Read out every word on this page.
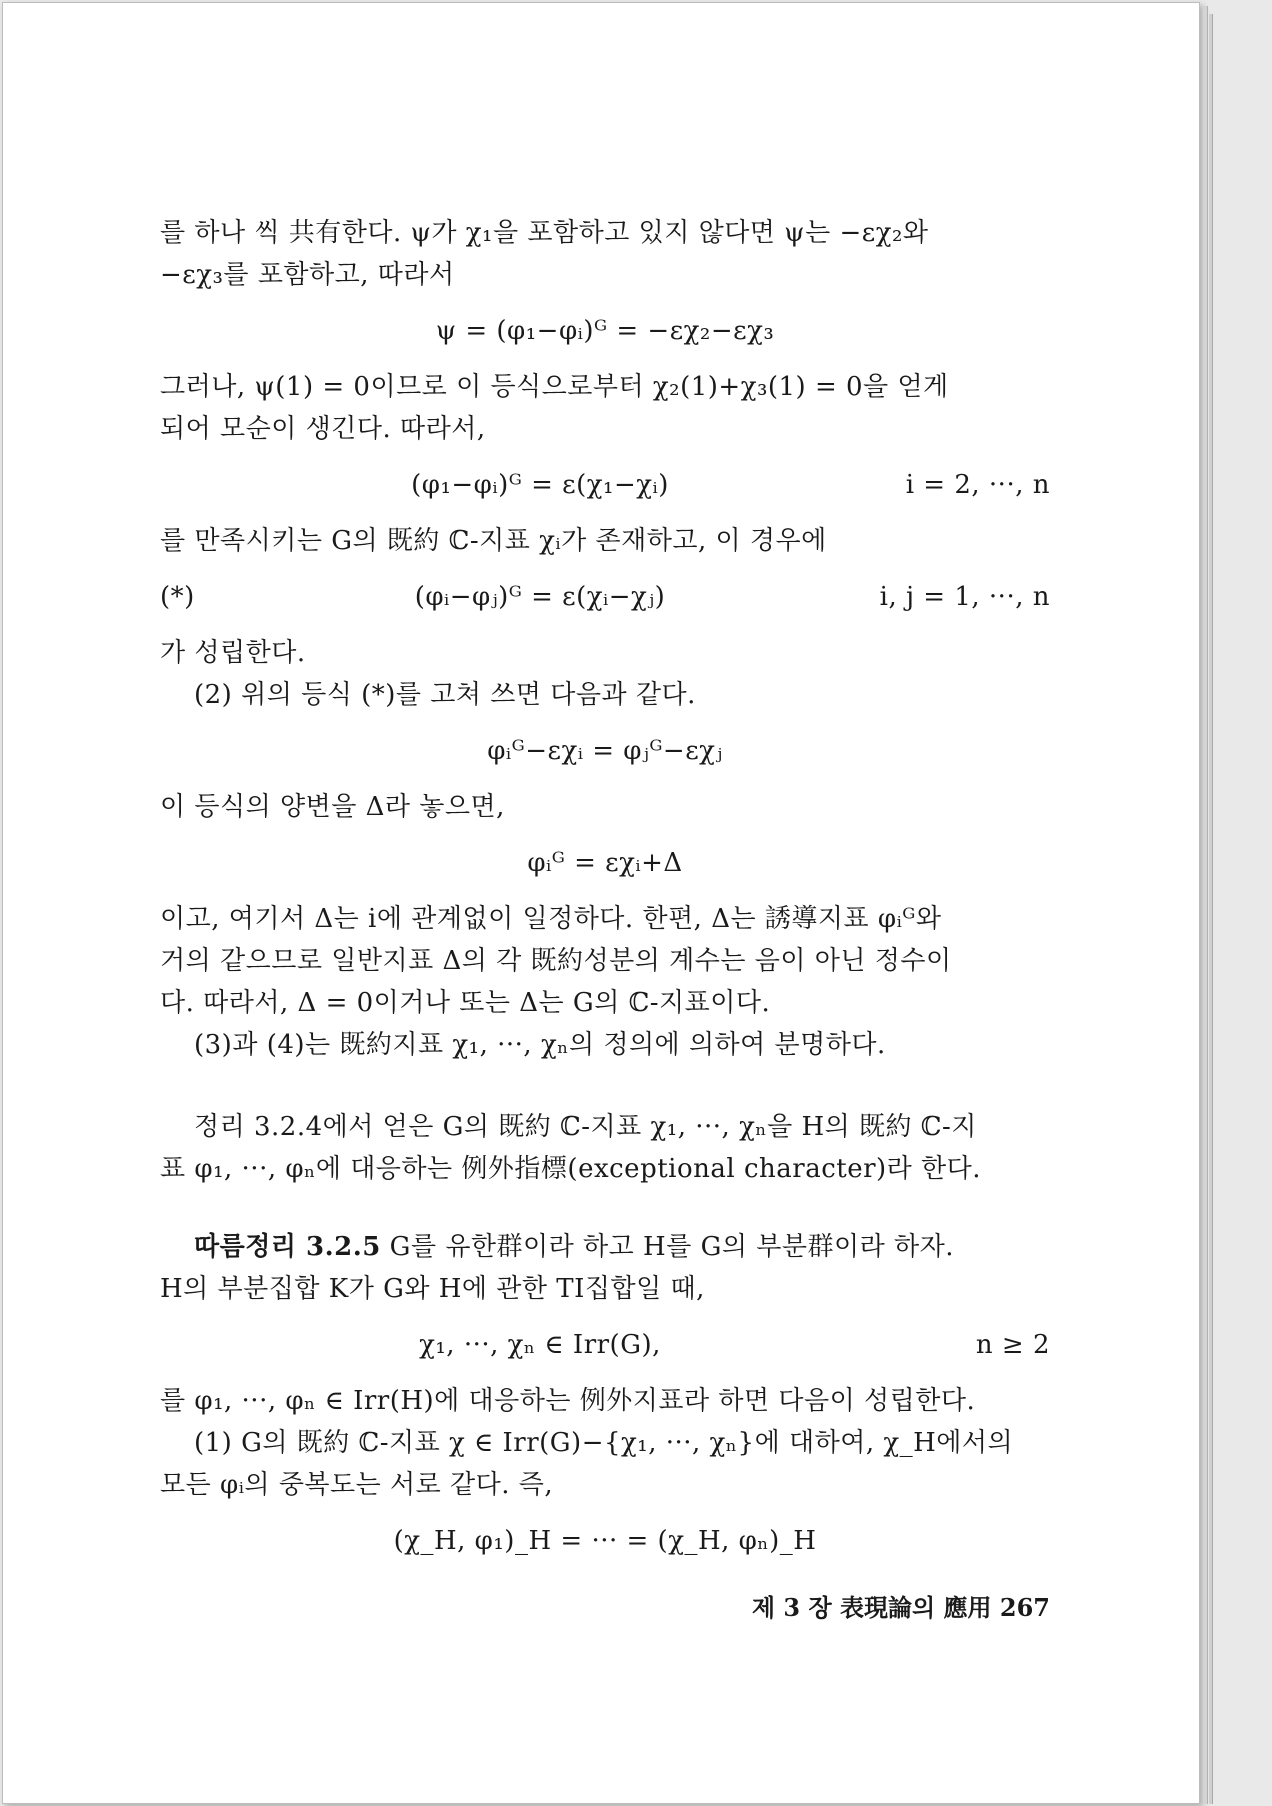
를 하나 씩 共有한다. ψ가 χ₁을 포함하고 있지 않다면 ψ는 −εχ₂와

−εχ₃를 포함하고, 따라서

ψ = (φ₁−φᵢ)ᴳ = −εχ₂−εχ₃

그러나, ψ(1) = 0이므로 이 등식으로부터 χ₂(1)+χ₃(1) = 0을 얻게

되어 모순이 생긴다. 따라서,

(φ₁−φᵢ)ᴳ = ε(χ₁−χᵢ)	i = 2, ···, n

를 만족시키는 G의 既約 ℂ-지표 χᵢ가 존재하고, 이 경우에

(*)	(φᵢ−φⱼ)ᴳ = ε(χᵢ−χⱼ)	i, j = 1, ···, n

가 성립한다.

(2) 위의 등식 (*)를 고쳐 쓰면 다음과 같다.

φᵢᴳ−εχᵢ = φⱼᴳ−εχⱼ

이 등식의 양변을 Δ라 놓으면,

φᵢᴳ = εχᵢ+Δ

이고, 여기서 Δ는 i에 관계없이 일정하다. 한편, Δ는 誘導지표 φᵢᴳ와

거의 같으므로 일반지표 Δ의 각 既約성분의 계수는 음이 아닌 정수이

다. 따라서, Δ = 0이거나 또는 Δ는 G의 ℂ-지표이다.

(3)과 (4)는 既約지표 χ₁, ···, χₙ의 정의에 의하여 분명하다.

정리 3.2.4에서 얻은 G의 既約 ℂ-지표 χ₁, ···, χₙ을 H의 既約 ℂ-지

표 φ₁, ···, φₙ에 대응하는 例外指標(exceptional character)라 한다.

따름정리 3.2.5 G를 유한群이라 하고 H를 G의 부분群이라 하자.

H의 부분집합 K가 G와 H에 관한 TI집합일 때,

χ₁, ···, χₙ ∈ Irr(G),	n ≥ 2

를 φ₁, ···, φₙ ∈ Irr(H)에 대응하는 例外지표라 하면 다음이 성립한다.

(1) G의 既約 ℂ-지표 χ ∈ Irr(G)−{χ₁, ···, χₙ}에 대하여, χ_H에서의

모든 φᵢ의 중복도는 서로 같다. 즉,

(χ_H, φ₁)_H = ··· = (χ_H, φₙ)_H

제 3 장 表現論의 應用 267
